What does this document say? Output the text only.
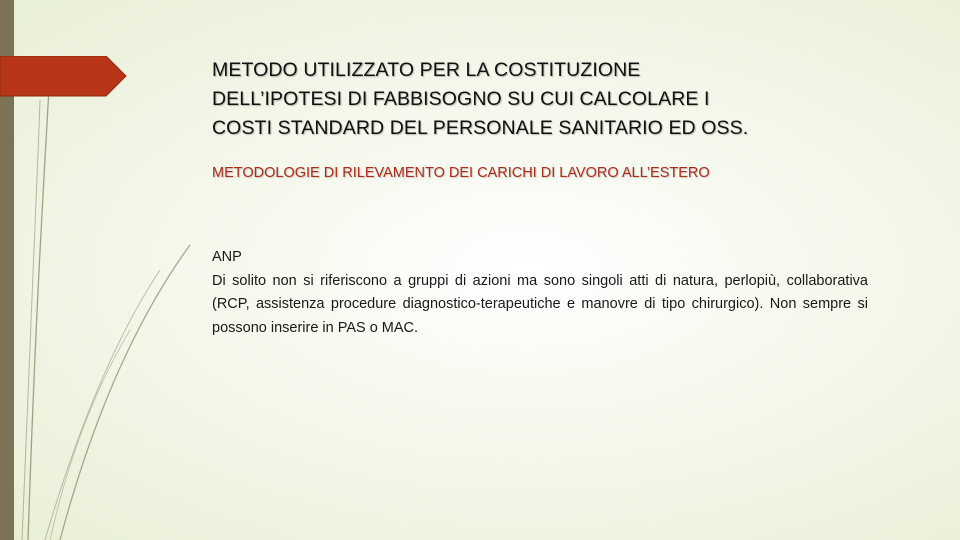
METODO UTILIZZATO PER LA COSTITUZIONE
DELL’IPOTESI DI FABBISOGNO SU CUI CALCOLARE I
COSTI STANDARD DEL PERSONALE SANITARIO ED OSS.

METODOLOGIE DI RILEVAMENTO DEI CARICHI DI LAVORO ALL’ESTERO

ANP
Di solito non si riferiscono a gruppi di azioni ma sono singoli atti di natura, perlopiù, collaborativa (RCP, assistenza procedure diagnostico-terapeutiche e manovre di tipo chirurgico). Non sempre si possono inserire in PAS o MAC.
